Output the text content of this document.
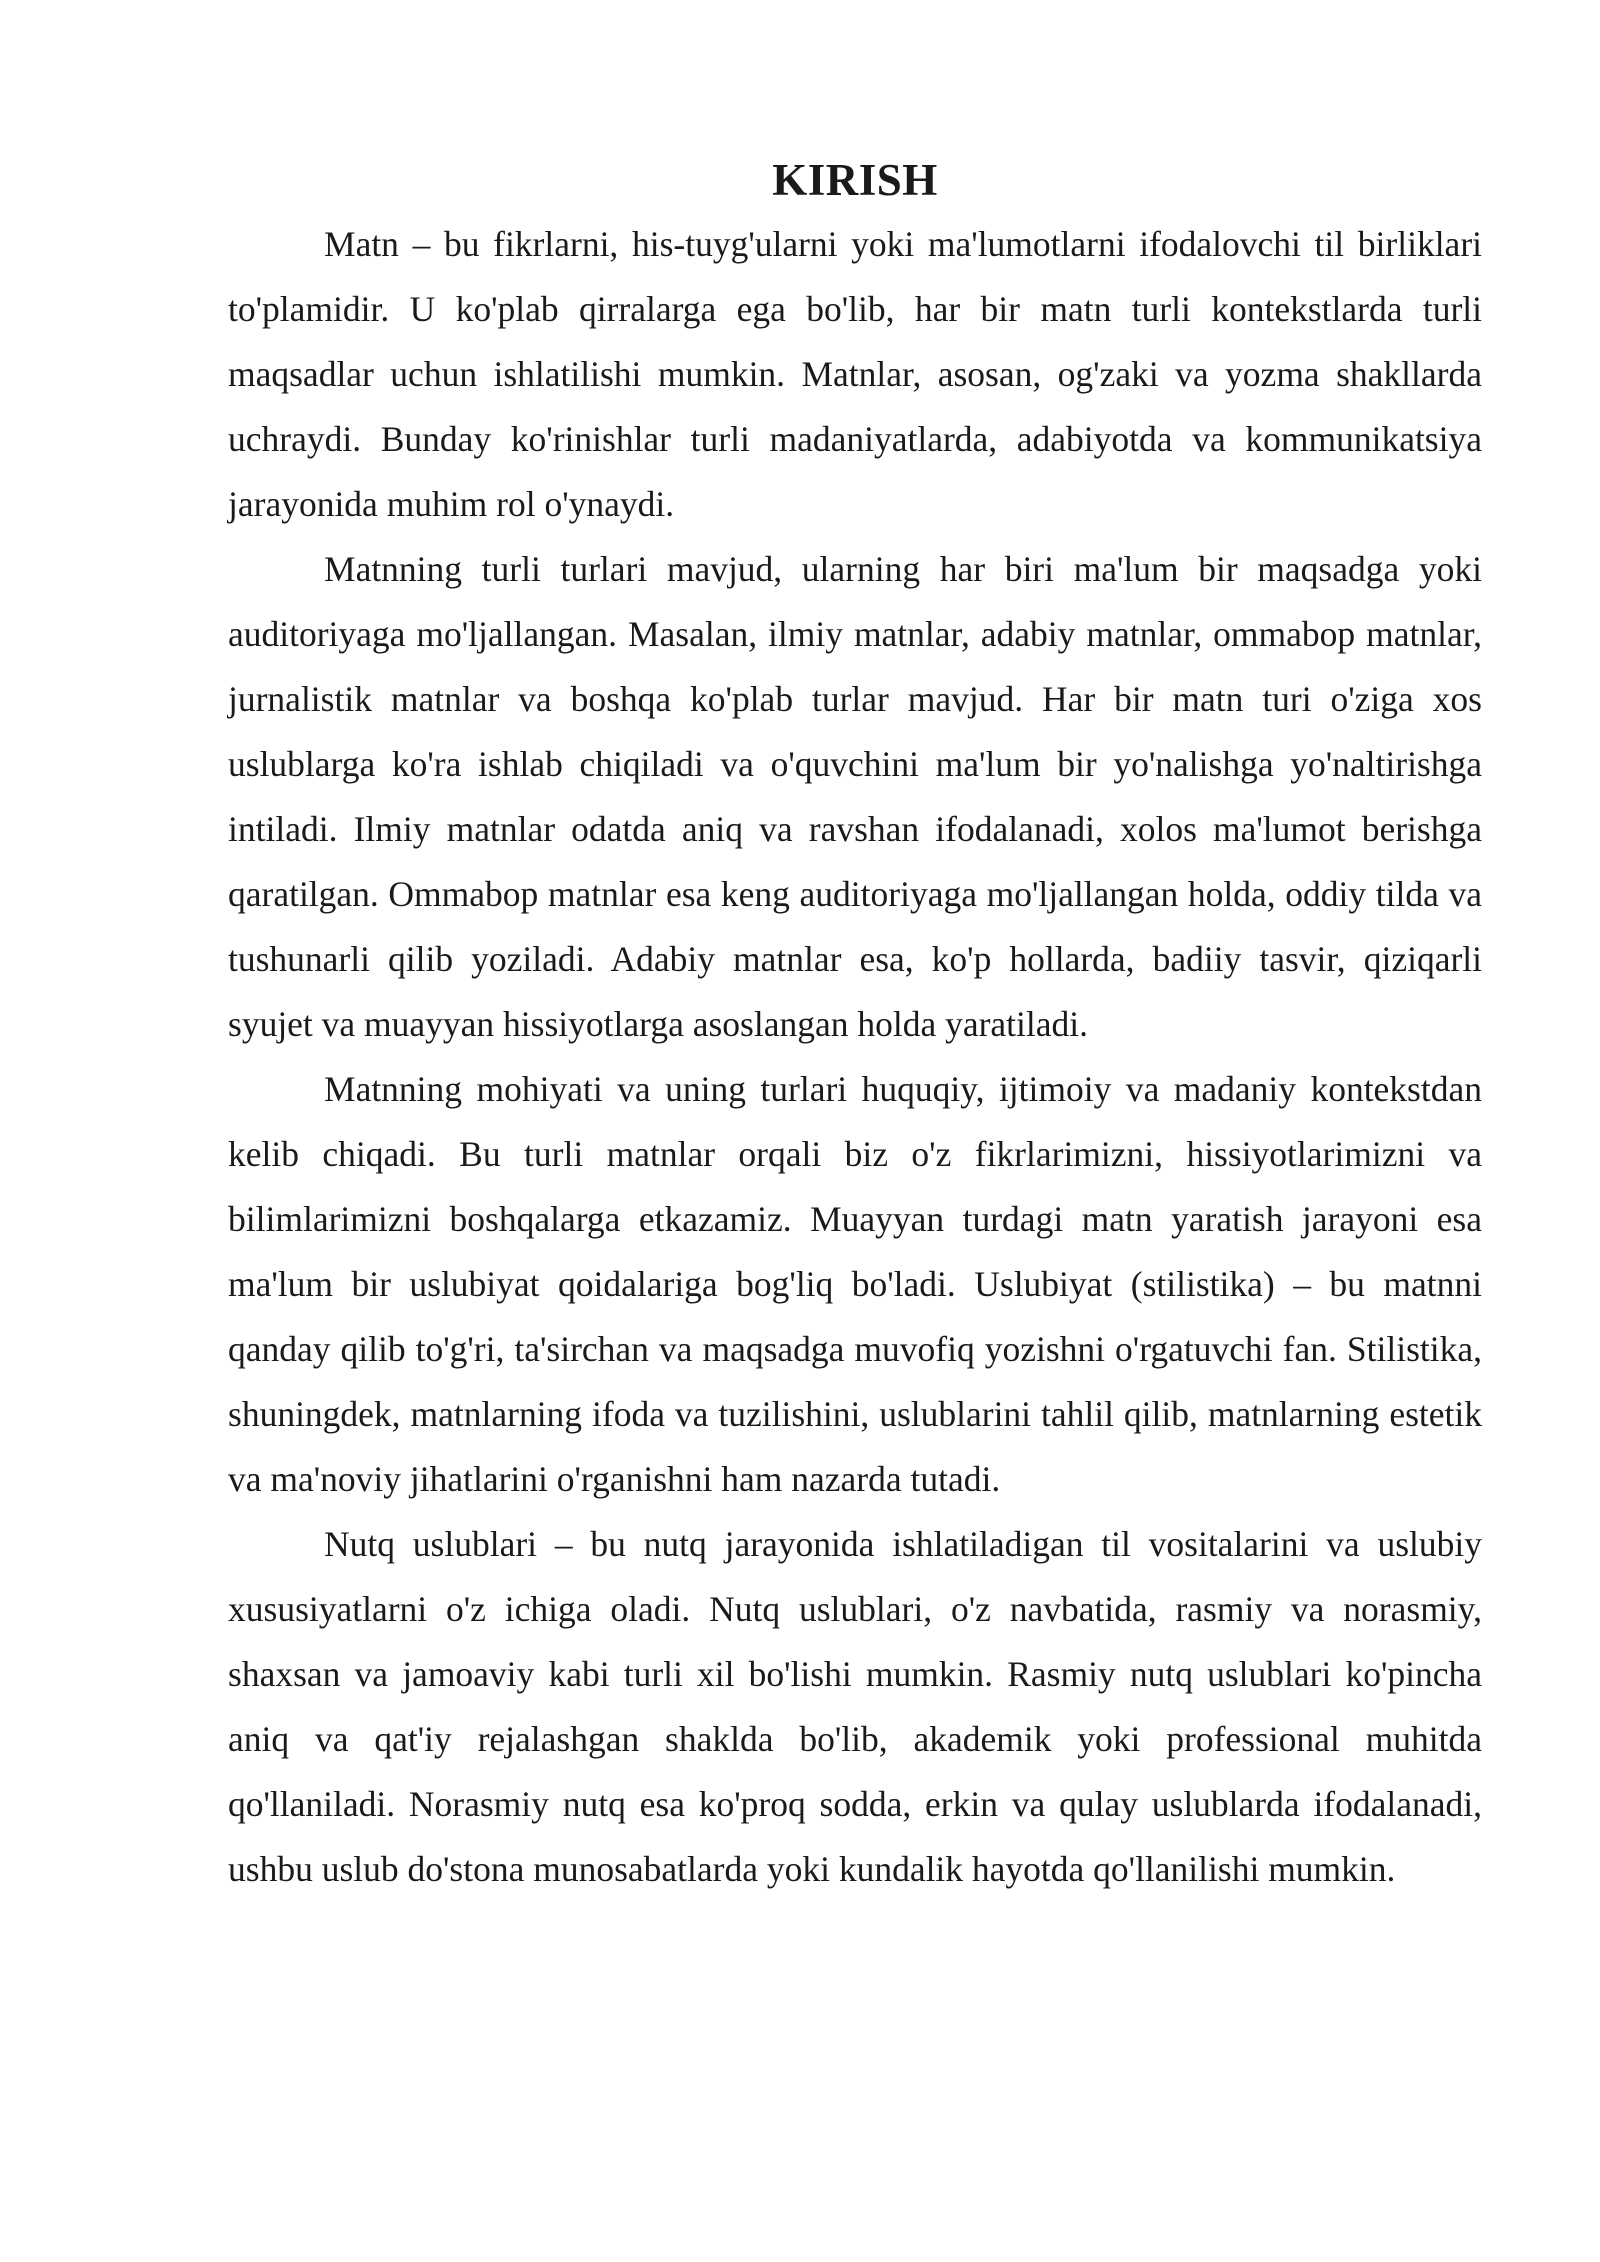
KIRISH

Matn – bu fikrlarni, his-tuyg'ularni yoki ma'lumotlarni ifodalovchi til birliklari to'plamidir. U ko'plab qirralarga ega bo'lib, har bir matn turli kontekstlarda turli maqsadlar uchun ishlatilishi mumkin. Matnlar, asosan, og'zaki va yozma shakllarda uchraydi. Bunday ko'rinishlar turli madaniyatlarda, adabiyotda va kommunikatsiya jarayonida muhim rol o'ynaydi.

Matnning turli turlari mavjud, ularning har biri ma'lum bir maqsadga yoki auditoriyaga mo'ljallangan. Masalan, ilmiy matnlar, adabiy matnlar, ommabop matnlar, jurnalistik matnlar va boshqa ko'plab turlar mavjud. Har bir matn turi o'ziga xos uslublarga ko'ra ishlab chiqiladi va o'quvchini ma'lum bir yo'nalishga yo'naltirishga intiladi. Ilmiy matnlar odatda aniq va ravshan ifodalanadi, xolos ma'lumot berishga qaratilgan. Ommabop matnlar esa keng auditoriyaga mo'ljallangan holda, oddiy tilda va tushunarli qilib yoziladi. Adabiy matnlar esa, ko'p hollarda, badiiy tasvir, qiziqarli syujet va muayyan hissiyotlarga asoslangan holda yaratiladi.

Matnning mohiyati va uning turlari huquqiy, ijtimoiy va madaniy kontekstdan kelib chiqadi. Bu turli matnlar orqali biz o'z fikrlarimizni, hissiyotlarimizni va bilimlarimizni boshqalarga etkazamiz. Muayyan turdagi matn yaratish jarayoni esa ma'lum bir uslubiyat qoidalariga bog'liq bo'ladi. Uslubiyat (stilistika) – bu matnni qanday qilib to'g'ri, ta'sirchan va maqsadga muvofiq yozishni o'rgatuvchi fan. Stilistika, shuningdek, matnlarning ifoda va tuzilishini, uslublarini tahlil qilib, matnlarning estetik va ma'noviy jihatlarini o'rganishni ham nazarda tutadi.

Nutq uslublari – bu nutq jarayonida ishlatiladigan til vositalarini va uslubiy xususiyatlarni o'z ichiga oladi. Nutq uslublari, o'z navbatida, rasmiy va norasmiy, shaxsan va jamoaviy kabi turli xil bo'lishi mumkin. Rasmiy nutq uslublari ko'pincha aniq va qat'iy rejalashgan shaklda bo'lib, akademik yoki professional muhitda qo'llaniladi. Norasmiy nutq esa ko'proq sodda, erkin va qulay uslublarda ifodalanadi, ushbu uslub do'stona munosabatlarda yoki kundalik hayotda qo'llanilishi mumkin.
